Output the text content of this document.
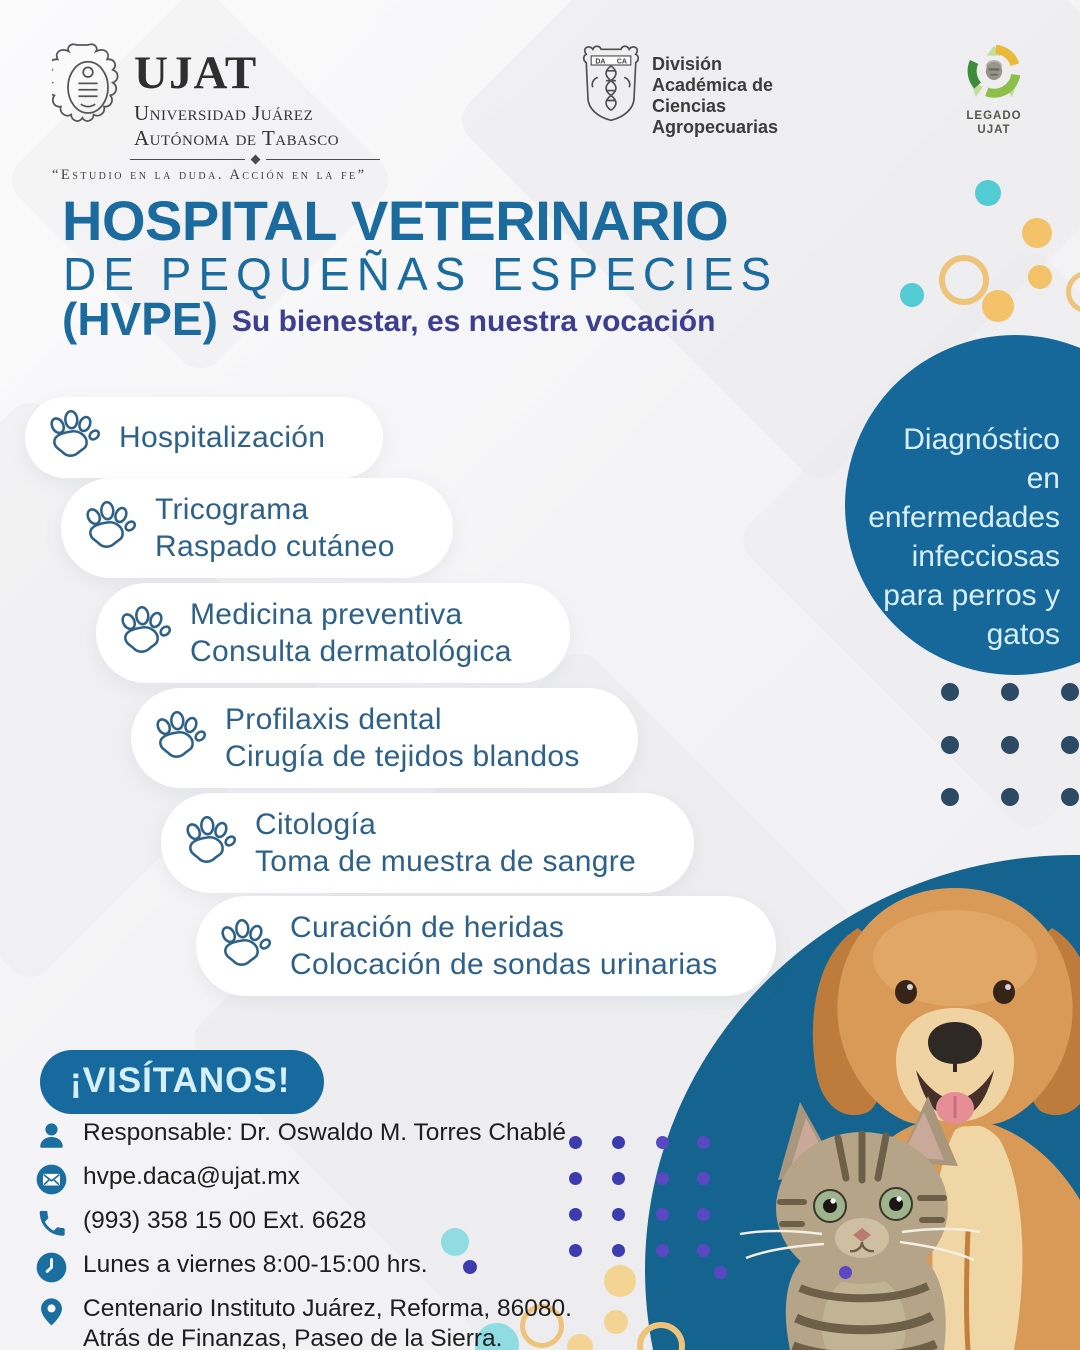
UJAT
Universidad Juárez
Autónoma de Tabasco
“Estudio en la duda. Acción en la fe”
DA CA División
Académica de
Ciencias
Agropecuarias
LEGADO
UJAT
HOSPITAL VETERINARIO
DE PEQUEÑAS ESPECIES
(HVPE) Su bienestar, es nuestra vocación
Diagnóstico en
enfermedades
infecciosas
para perros y
gatos
Hospitalización
Tricograma
Raspado cutáneo
Medicina preventiva
Consulta dermatológica
Profilaxis dental
Cirugía de tejidos blandos
Citología
Toma de muestra de sangre
Curación de heridas
Colocación de sondas urinarias
¡VISÍTANOS!
Responsable: Dr. Oswaldo M. Torres Chablé
hvpe.daca@ujat.mx
(993) 358 15 00 Ext. 6628
Lunes a viernes 8:00-15:00 hrs.
Centenario Instituto Juárez, Reforma, 86080.
Atrás de Finanzas, Paseo de la Sierra.
